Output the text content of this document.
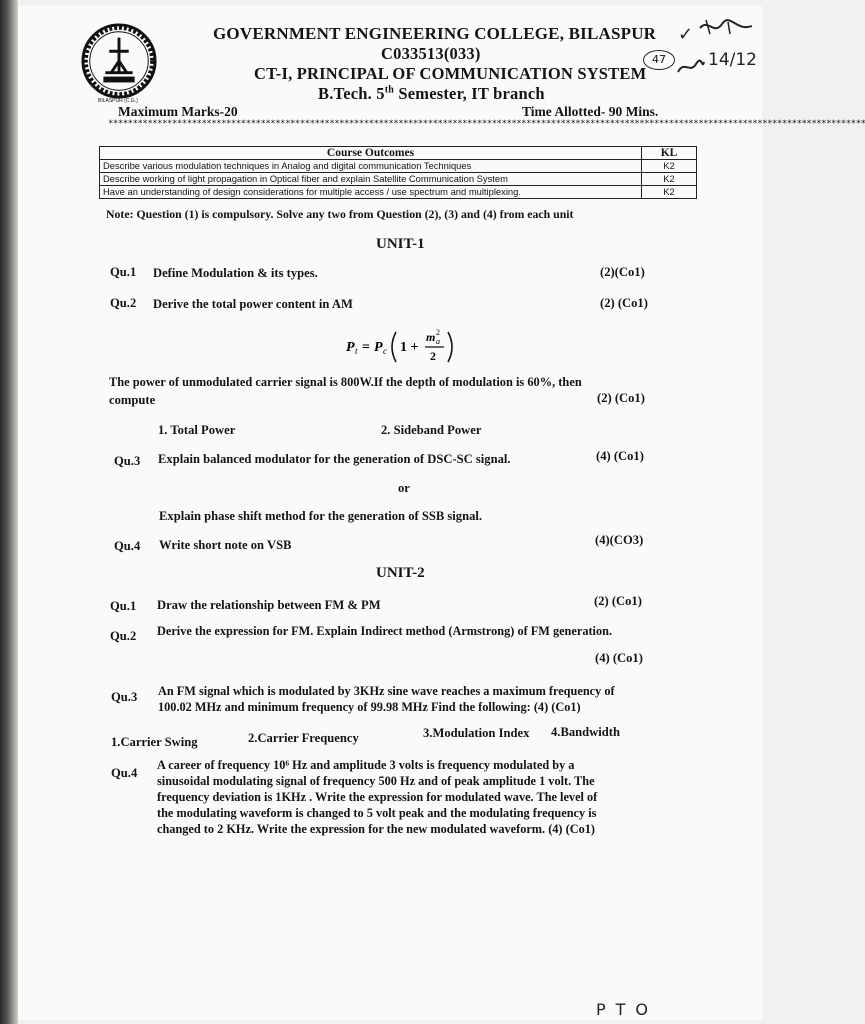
BILASPUR (C.G.)
GOVERNMENT ENGINEERING COLLEGE, BILASPUR
C033513(033)
CT-I, PRINCIPAL OF COMMUNICATION SYSTEM
B.Tech. 5th Semester, IT branch
Maximum Marks-20	Time Allotted- 90 Mins.
47
✓
14/12
**********************************************************************************************************************************************************
Course Outcomes	KL
Describe various modulation techniques in Analog and digital communication Techniques	K2
Describe working of light propagation in Optical fiber and explain Satellite Communication System	K2
Have an understanding of design considerations for multiple access / use spectrum and multiplexing.	K2
Note: Question (1) is compulsory. Solve any two from Question (2), (3) and (4) from each unit
UNIT-1
Qu.1 Define Modulation & its types.	(2)(Co1)
Qu.2 Derive the total power content in AM	(2) (Co1)
P t = P c 1 +
m a
2
2
The power of unmodulated carrier signal is 800W.If the depth of modulation is 60%, then
compute	(2) (Co1)
1. Total Power	2. Sideband Power
Qu.3 Explain balanced modulator for the generation of DSC-SC signal.	(4) (Co1)
or
Explain phase shift method for the generation of SSB signal.
Qu.4 Write short note on VSB	(4)(CO3)
UNIT-2
Qu.1 Draw the relationship between FM & PM	(2) (Co1)
Qu.2 Derive the expression for FM. Explain Indirect method (Armstrong) of FM generation.
(4) (Co1)
Qu.3 An FM signal which is modulated by 3KHz sine wave reaches a maximum frequency of
100.02 MHz and minimum frequency of 99.98 MHz Find the following: (4) (Co1)
1.Carrier Swing	2.Carrier Frequency	3.Modulation Index 4.Bandwidth
Qu.4
A career of frequency 10⁶ Hz and amplitude 3 volts is frequency modulated by a
sinusoidal modulating signal of frequency 500 Hz and of peak amplitude 1 volt. The
frequency deviation is 1KHz . Write the expression for modulated wave. The level of
the modulating waveform is changed to 5 volt peak and the modulating frequency is
changed to 2 KHz. Write the expression for the new modulated waveform. (4) (Co1)
PTO
